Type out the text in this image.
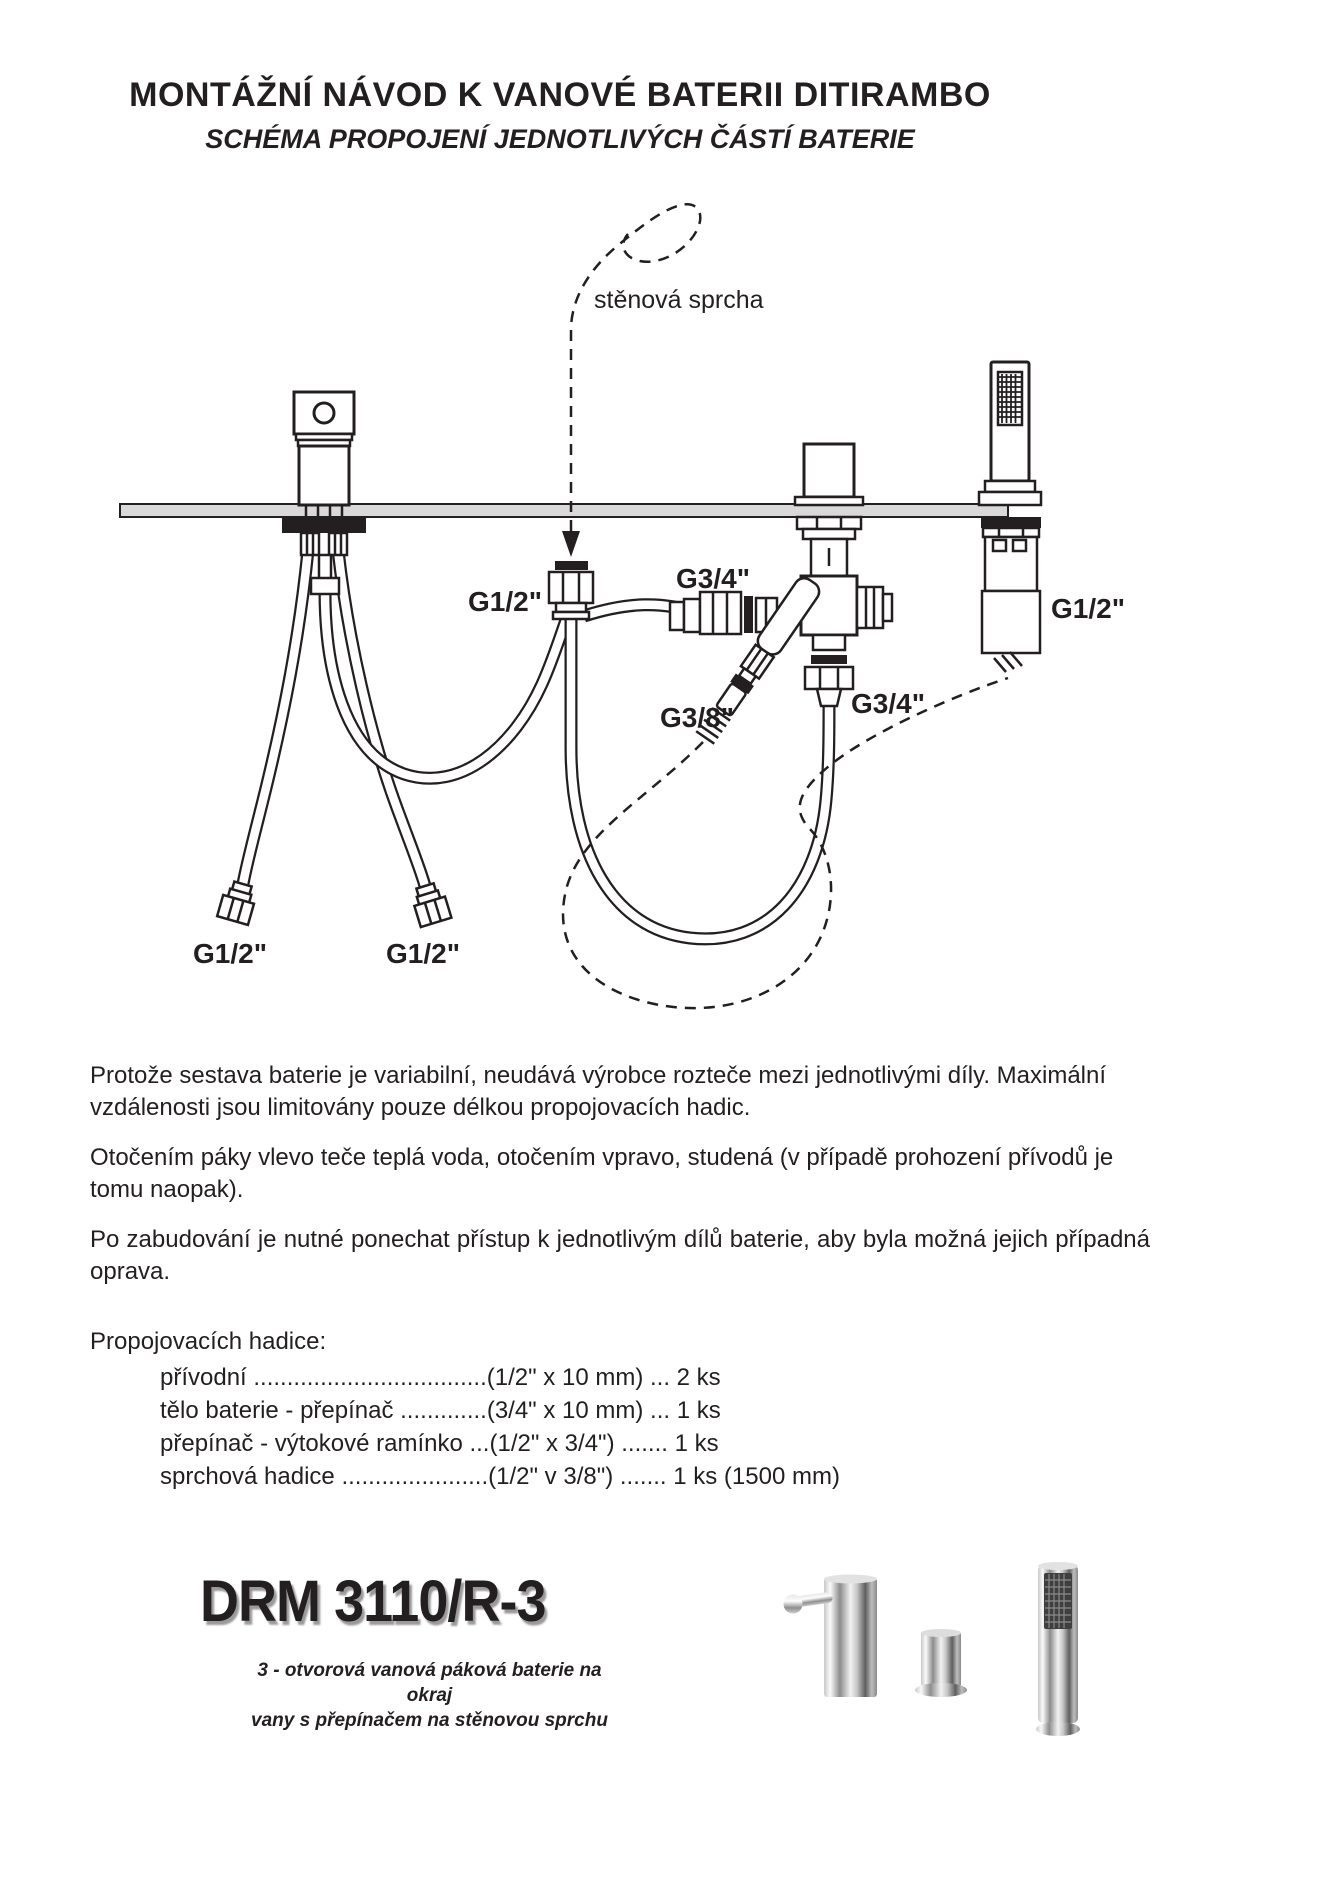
MONTÁŽNÍ NÁVOD K VANOVÉ BATERII DITIRAMBO
SCHÉMA PROPOJENÍ JEDNOTLIVÝCH ČÁSTÍ BATERIE
stěnová sprcha
G1/2"
G3/4"
G3/8"	G3/4"
G1/2"
G1/2"	G1/2"

Protože sestava baterie je variabilní, neudává výrobce rozteče mezi jednotlivými díly. Maximální vzdálenosti jsou limitovány pouze délkou propojovacích hadic.

Otočením páky vlevo teče teplá voda, otočením vpravo, studená (v případě prohození přívodů je tomu naopak).

Po zabudování je nutné ponechat přístup k jednotlivým dílů baterie, aby byla možná jejich případná oprava.

Propojovacích hadice:

přívodní ...................................(1/2" x 10 mm) ... 2 ks
tělo baterie - přepínač .............(3/4" x 10 mm) ... 1 ks
přepínač - výtokové ramínko ...(1/2" x 3/4") ....... 1 ks
sprchová hadice ......................(1/2" v 3/8") ....... 1 ks (1500 mm)
DRM 3110/R-3
3 - otvorová vanová páková baterie na okraj
vany s přepínačem na stěnovou sprchu
